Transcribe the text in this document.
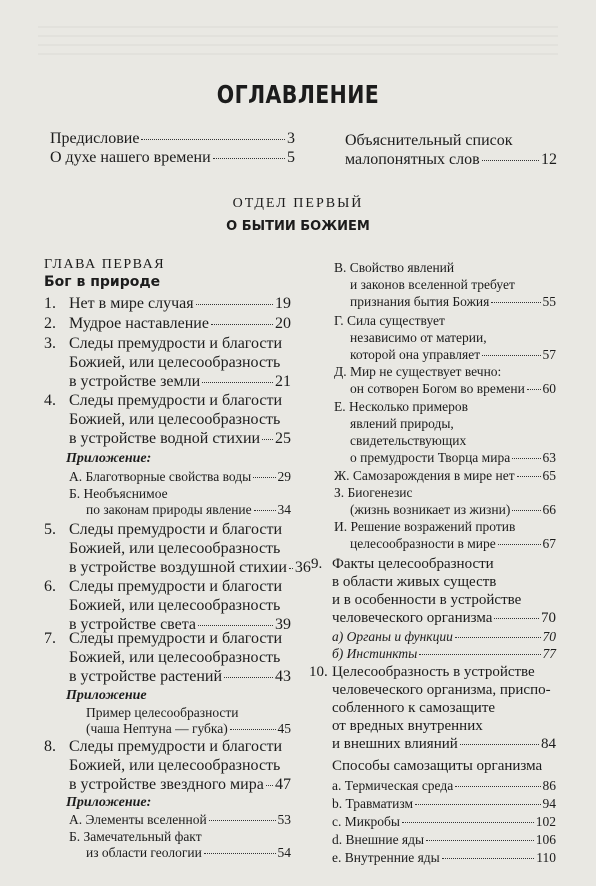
ОГЛАВЛЕНИЕ
Предисловие	3
О духе нашего времени	5
Объяснительный список
малопонятных слов	12
ОТДЕЛ ПЕРВЫЙ
О БЫТИИ БОЖИЕМ
ГЛАВА ПЕРВАЯ
Бог в природе
1. Нет в мире случая	19
2. Мудрое наставление	20
3. Следы премудрости и благости
Божией, или целесообразность
в устройстве земли	21
4. Следы премудрости и благости
Божией, или целесообразность
в устройстве водной стихии 25
Приложение:
А. Благотворные свойства воды 29
Б. Необъяснимое
по законам природы явление 34
5. Следы премудрости и благости
Божией, или целесообразность
в устройстве воздушной стихии 36
6. Следы премудрости и благости
Божией, или целесообразность
в устройстве света	39
7. Следы премудрости и благости
Божией, или целесообразность
в устройстве растений	43
Приложение
Пример целесообразности
(чаша Нептуна — губка)	45
8. Следы премудрости и благости
Божией, или целесообразность
в устройстве звездного мира 47
Приложение:
А. Элементы вселенной	53
Б. Замечательный факт
из области геологии	54
В. Свойство явлений
и законов вселенной требует
признания бытия Божия	55
Г. Сила существует
независимо от материи,
которой она управляет	57
Д. Мир не существует вечно:
он сотворен Богом во времени 60
Е. Несколько примеров
явлений природы,
свидетельствующих
о премудрости Творца мира 63
Ж. Самозарождения в мире нет 65
З. Биогенезис
(жизнь возникает из жизни) 66
И. Решение возражений против
целесообразности в мире	67
9. Факты целесообразности
в области живых существ
и в особенности в устройстве
человеческого организма	70
а) Органы и функции	70
б) Инстинкты	77
10. Целесообразность в устройстве
человеческого организма, приспо-
собленного к самозащите
от вредных внутренних
и внешних влияний	84
Способы самозащиты организма
a. Термическая среда	86
b. Травматизм	94
c. Микробы	102
d. Внешние яды	106
e. Внутренние яды	110
